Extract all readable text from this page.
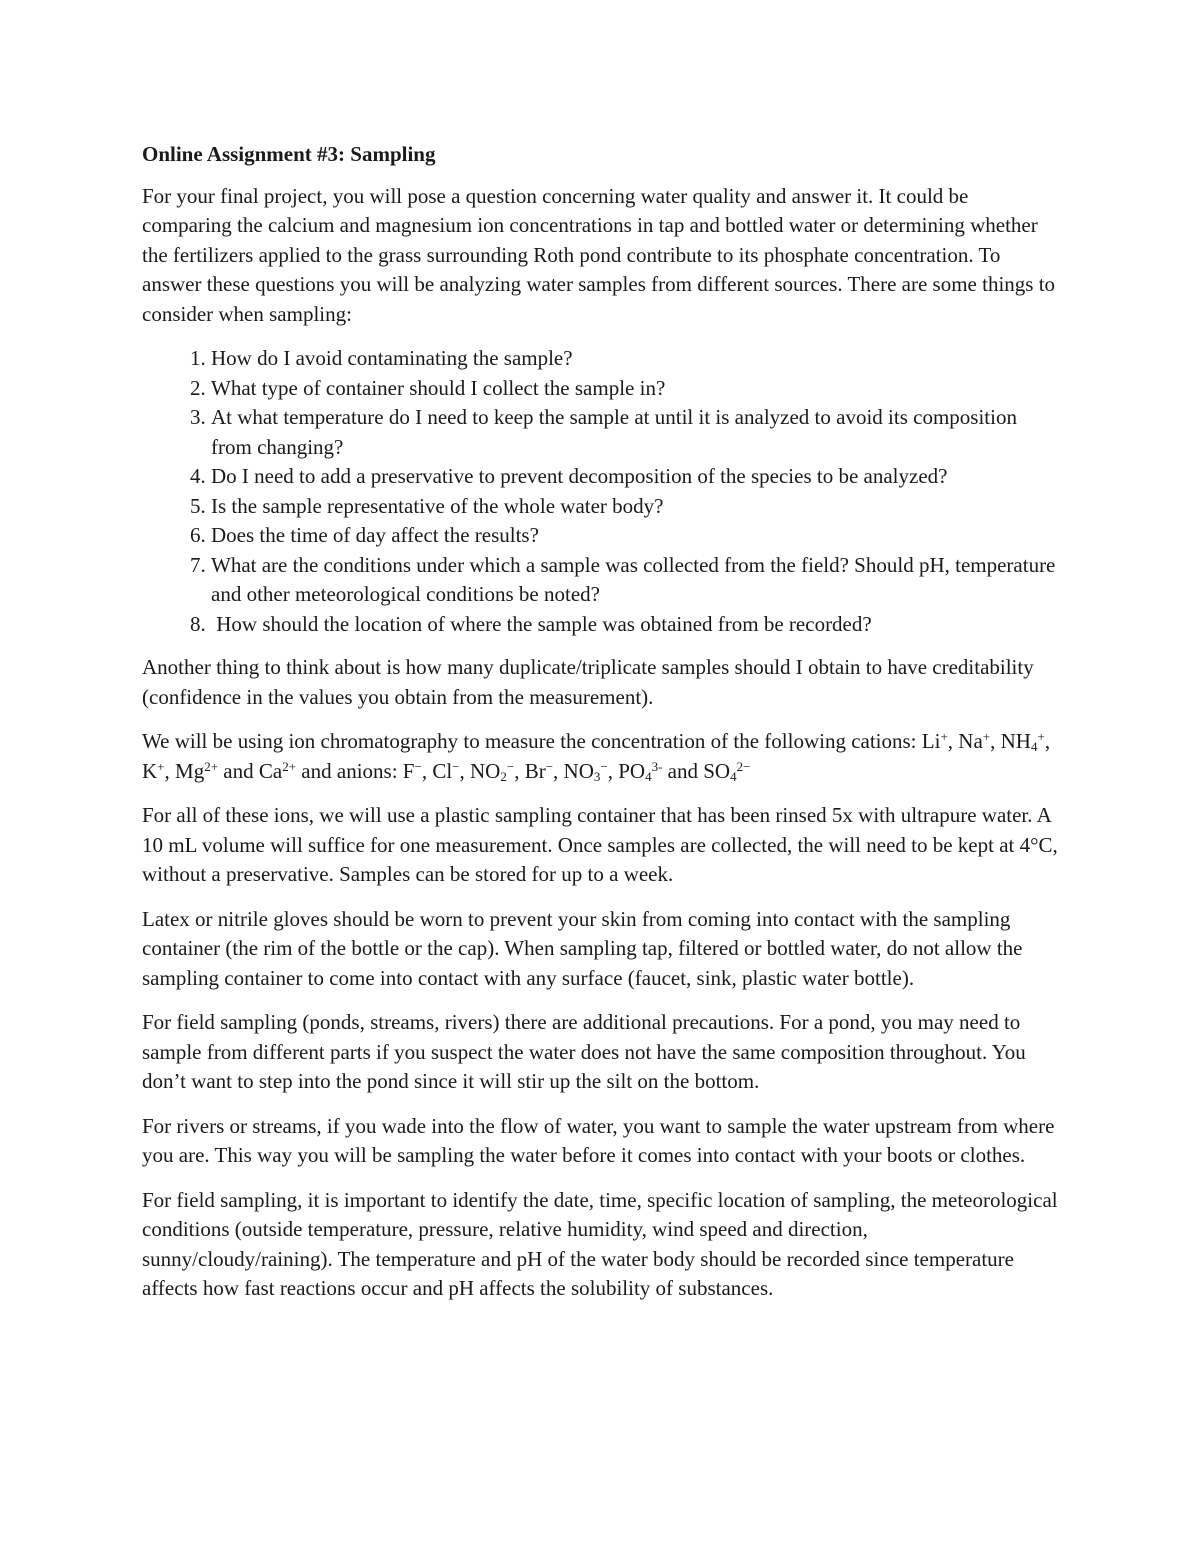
Online Assignment #3: Sampling

For your final project, you will pose a question concerning water quality and answer it. It could be comparing the calcium and magnesium ion concentrations in tap and bottled water or determining whether the fertilizers applied to the grass surrounding Roth pond contribute to its phosphate concentration. To answer these questions you will be analyzing water samples from different sources. There are some things to consider when sampling:

1. How do I avoid contaminating the sample?
2. What type of container should I collect the sample in?
3. At what temperature do I need to keep the sample at until it is analyzed to avoid its composition from changing?
4. Do I need to add a preservative to prevent decomposition of the species to be analyzed?
5. Is the sample representative of the whole water body?
6. Does the time of day affect the results?
7. What are the conditions under which a sample was collected from the field? Should pH, temperature and other meteorological conditions be noted?
8.  How should the location of where the sample was obtained from be recorded?

Another thing to think about is how many duplicate/triplicate samples should I obtain to have creditability (confidence in the values you obtain from the measurement).

We will be using ion chromatography to measure the concentration of the following cations: Li+, Na+, $NH_4^+$, K+, $Mg^{2+}$ and $Ca^{2+}$ and anions: F−, Cl−, $NO_2^-$, Br−, $NO_3^-$, $PO_4^{3-}$ and $SO_4^{2-}$

For all of these ions, we will use a plastic sampling container that has been rinsed 5x with ultrapure water. A 10 mL volume will suffice for one measurement. Once samples are collected, the will need to be kept at 4°C, without a preservative. Samples can be stored for up to a week.

Latex or nitrile gloves should be worn to prevent your skin from coming into contact with the sampling container (the rim of the bottle or the cap). When sampling tap, filtered or bottled water, do not allow the sampling container to come into contact with any surface (faucet, sink, plastic water bottle).

For field sampling (ponds, streams, rivers) there are additional precautions. For a pond, you may need to sample from different parts if you suspect the water does not have the same composition throughout. You don’t want to step into the pond since it will stir up the silt on the bottom.

For rivers or streams, if you wade into the flow of water, you want to sample the water upstream from where you are. This way you will be sampling the water before it comes into contact with your boots or clothes.

For field sampling, it is important to identify the date, time, specific location of sampling, the meteorological conditions (outside temperature, pressure, relative humidity, wind speed and direction, sunny/cloudy/raining). The temperature and pH of the water body should be recorded since temperature affects how fast reactions occur and pH affects the solubility of substances.
